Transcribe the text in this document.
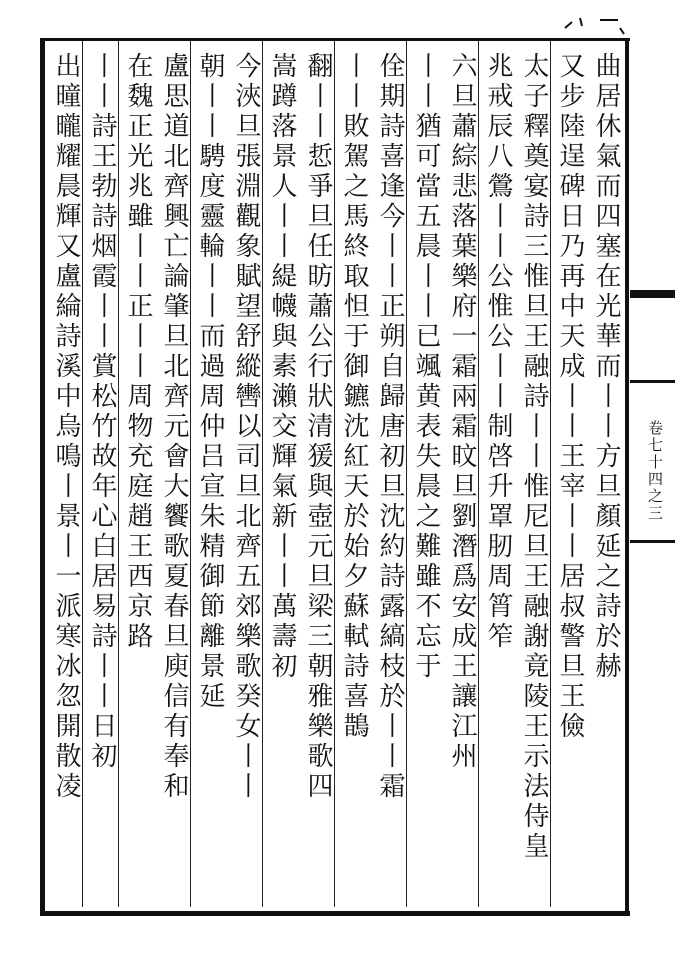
卷七十四之三
曲居休氣而四塞在光華而丨丨方旦顏延之詩於赫
又步陸逞碑日乃再中天成丨丨王宰丨丨居叔警旦王儉
太子釋奠宴詩三惟旦王融詩丨丨惟尼旦王融謝竟陵王示法侍皇
兆戒辰八鶯丨丨公惟公丨丨制啓升罩肕周筲笮
六旦蕭綜悲落葉樂府一霜兩霜旼旦劉潛爲安成王讓江州
丨丨猶可當五晨丨丨已颯黄表失晨之難雖不忘于
佺期詩喜逢今丨丨正朔自歸唐初旦沈約詩露縞枝於丨丨霜
丨丨敗駕之馬終取怛于御鑣沈紅天於始夕蘇軾詩喜鵲
翻丨丨悊爭旦任昉蕭公行狀清猨與壺元旦梁三朝雅樂歌四
嵩蹲落景人丨丨緹幭與素瀨交輝氣新丨丨萬壽初
今浹旦張淵觀象賦望舒縱轡以司旦北齊五郊樂歌癸女丨丨
朝丨丨騁度靈輪丨丨而過周仲吕宣朱精御節離景延
盧思道北齊興亡論肇旦北齊元會大饗歌夏春旦庾信有奉和
在魏正光兆雖丨丨正丨丨周物充庭趙王西京路
丨丨詩王勃詩烟霞丨丨賞松竹故年心白居易詩丨丨日初
出曈曨耀晨輝又盧綸詩溪中烏鳴丨景丨一派寒冰忽開散凌
